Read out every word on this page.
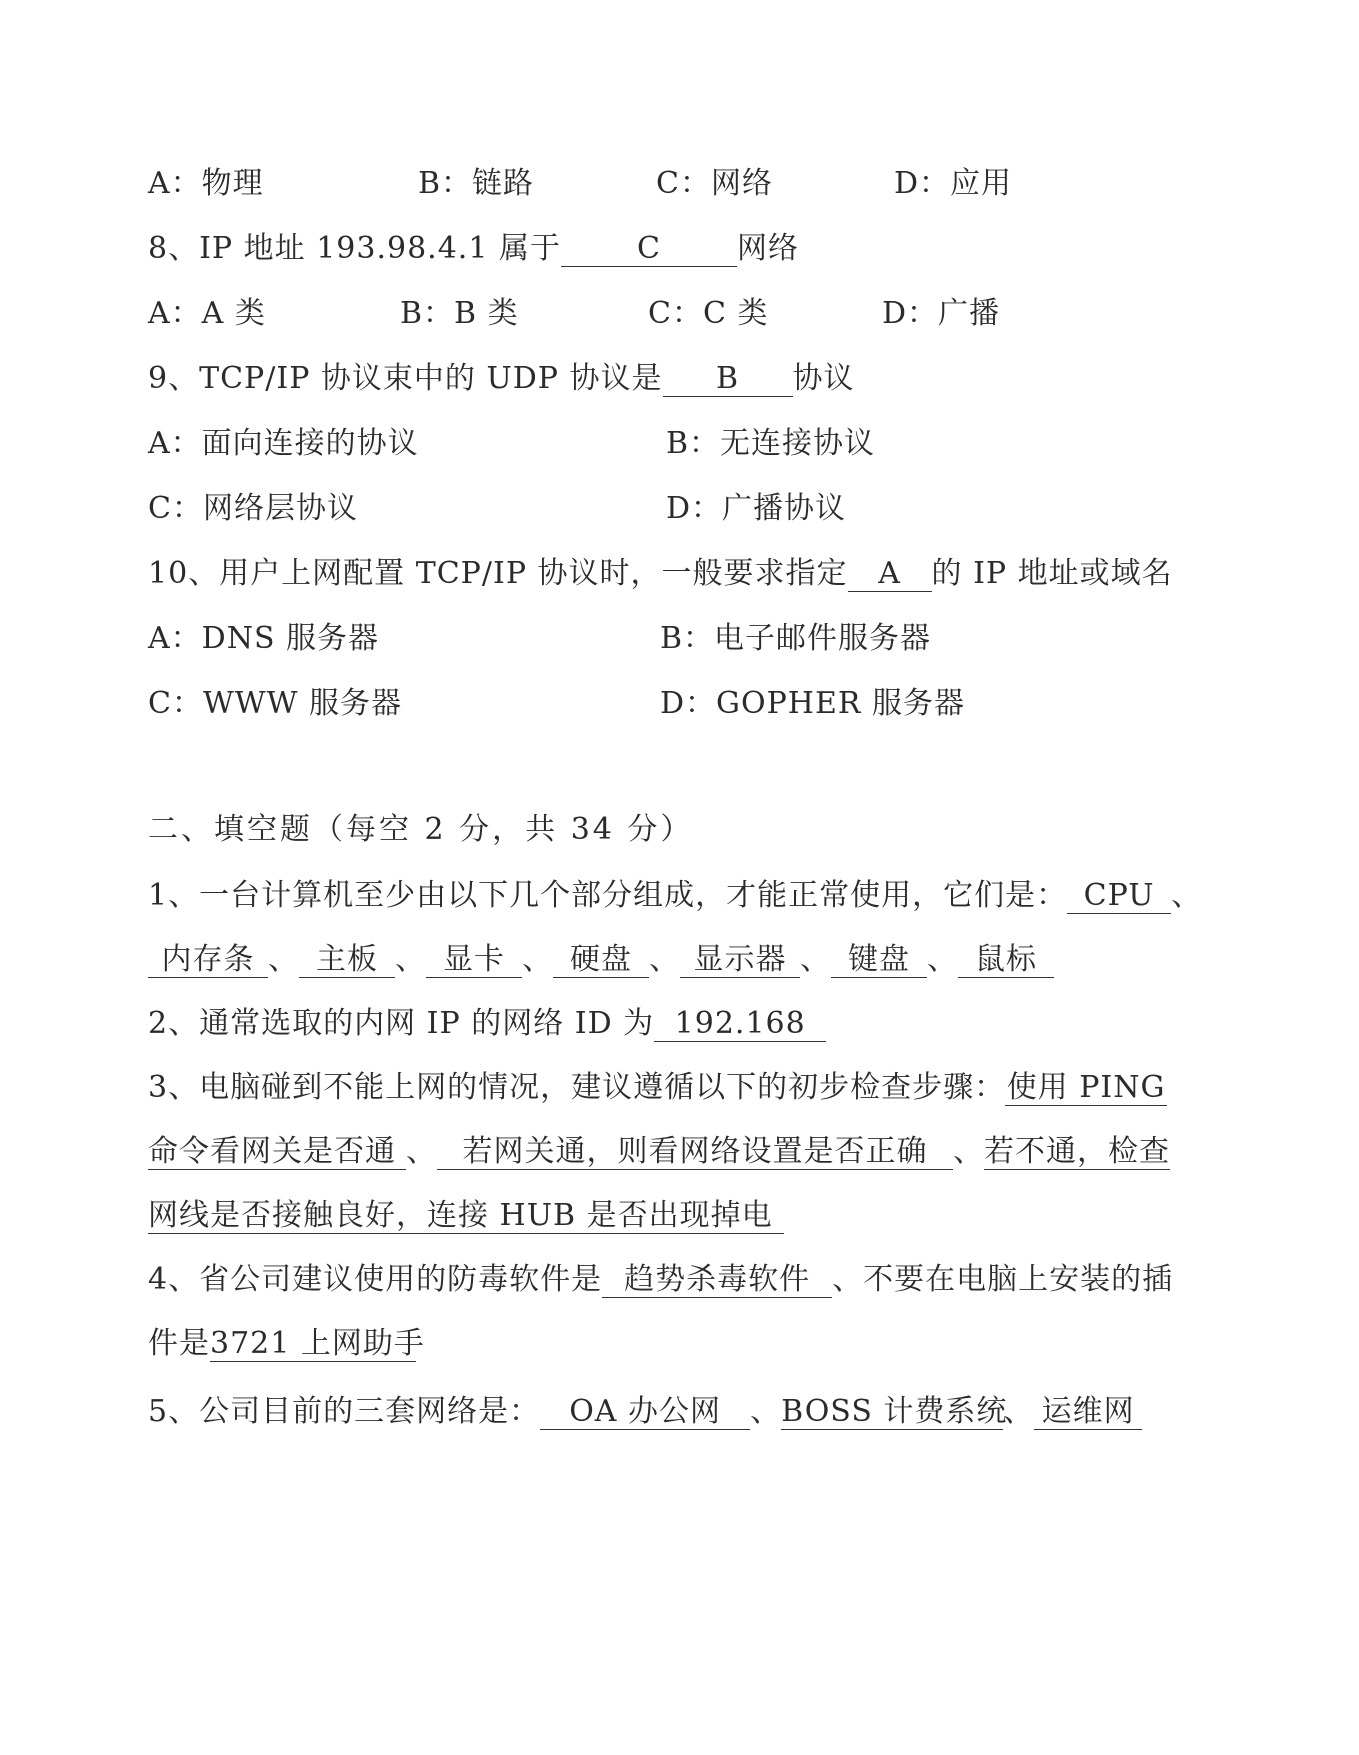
A：物理	B：链路	C：网络	D：应用
8、IP 地址 193.98.4.1 属于	C	网络
A：A 类	B：B 类	C：C 类	D：广播
9、TCP/IP 协议束中的 UDP 协议是 B 协议
A：面向连接的协议	B：无连接协议
C：网络层协议	D：广播协议
10、用户上网配置 TCP/IP 协议时，一般要求指定 A 的 IP 地址或域名
A：DNS 服务器	B：电子邮件服务器
C：WWW 服务器	D：GOPHER 服务器
二、填空题（每空 2 分，共 34 分）
1、一台计算机至少由以下几个部分组成，才能正常使用，它们是： CPU 、
内存条 、 主板 、 显卡 、 硬盘 、 显示器 、 键盘 、 鼠标
2、通常选取的内网 IP 的网络 ID 为 192.168
3、电脑碰到不能上网的情况，建议遵循以下的初步检查步骤：使用 PING
命令看网关是否通 、 若网关通，则看网络设置是否正确 、若不通，检查
网线是否接触良好，连接 HUB 是否出现掉电
4、省公司建议使用的防毒软件是 趋势杀毒软件 、不要在电脑上安装的插
件是3721 上网助手
5、公司目前的三套网络是： OA 办公网 、BOSS 计费系统、 运维网
